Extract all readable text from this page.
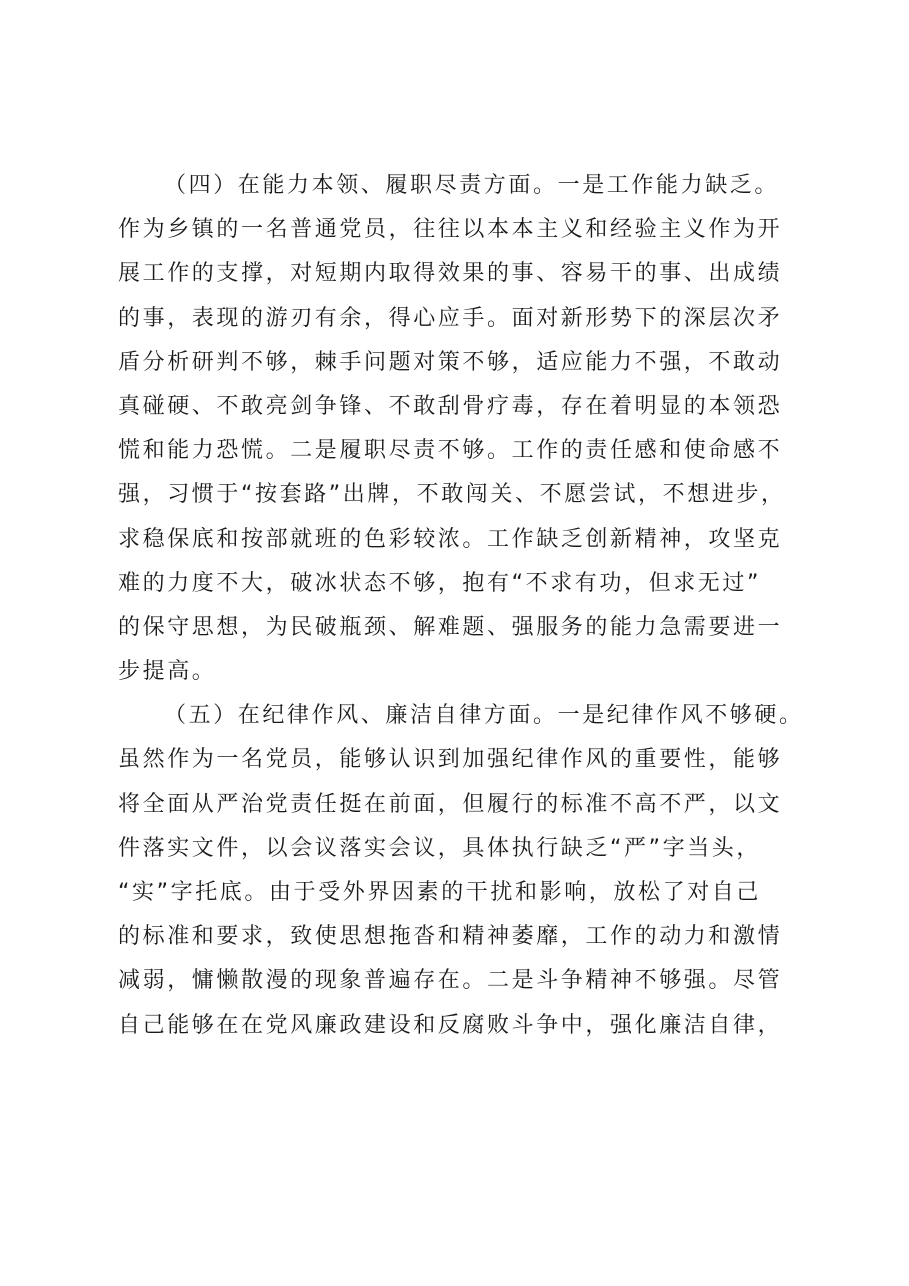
（四）在能力本领、履职尽责方面。一是工作能力缺乏。
作为乡镇的一名普通党员，往往以本本主义和经验主义作为开
展工作的支撑，对短期内取得效果的事、容易干的事、出成绩
的事，表现的游刃有余，得心应手。面对新形势下的深层次矛
盾分析研判不够，棘手问题对策不够，适应能力不强，不敢动
真碰硬、不敢亮剑争锋、不敢刮骨疗毒，存在着明显的本领恐
慌和能力恐慌。二是履职尽责不够。工作的责任感和使命感不
强，习惯于“按套路”出牌，不敢闯关、不愿尝试，不想进步，
求稳保底和按部就班的色彩较浓。工作缺乏创新精神，攻坚克
难的力度不大，破冰状态不够，抱有“不求有功，但求无过”
的保守思想，为民破瓶颈、解难题、强服务的能力急需要进一
步提高。
（五）在纪律作风、廉洁自律方面。一是纪律作风不够硬。
虽然作为一名党员，能够认识到加强纪律作风的重要性，能够
将全面从严治党责任挺在前面，但履行的标准不高不严，以文
件落实文件，以会议落实会议，具体执行缺乏“严”字当头，
“实”字托底。由于受外界因素的干扰和影响，放松了对自己
的标准和要求，致使思想拖沓和精神萎靡，工作的动力和激情
减弱，慵懒散漫的现象普遍存在。二是斗争精神不够强。尽管
自己能够在在党风廉政建设和反腐败斗争中，强化廉洁自律，
